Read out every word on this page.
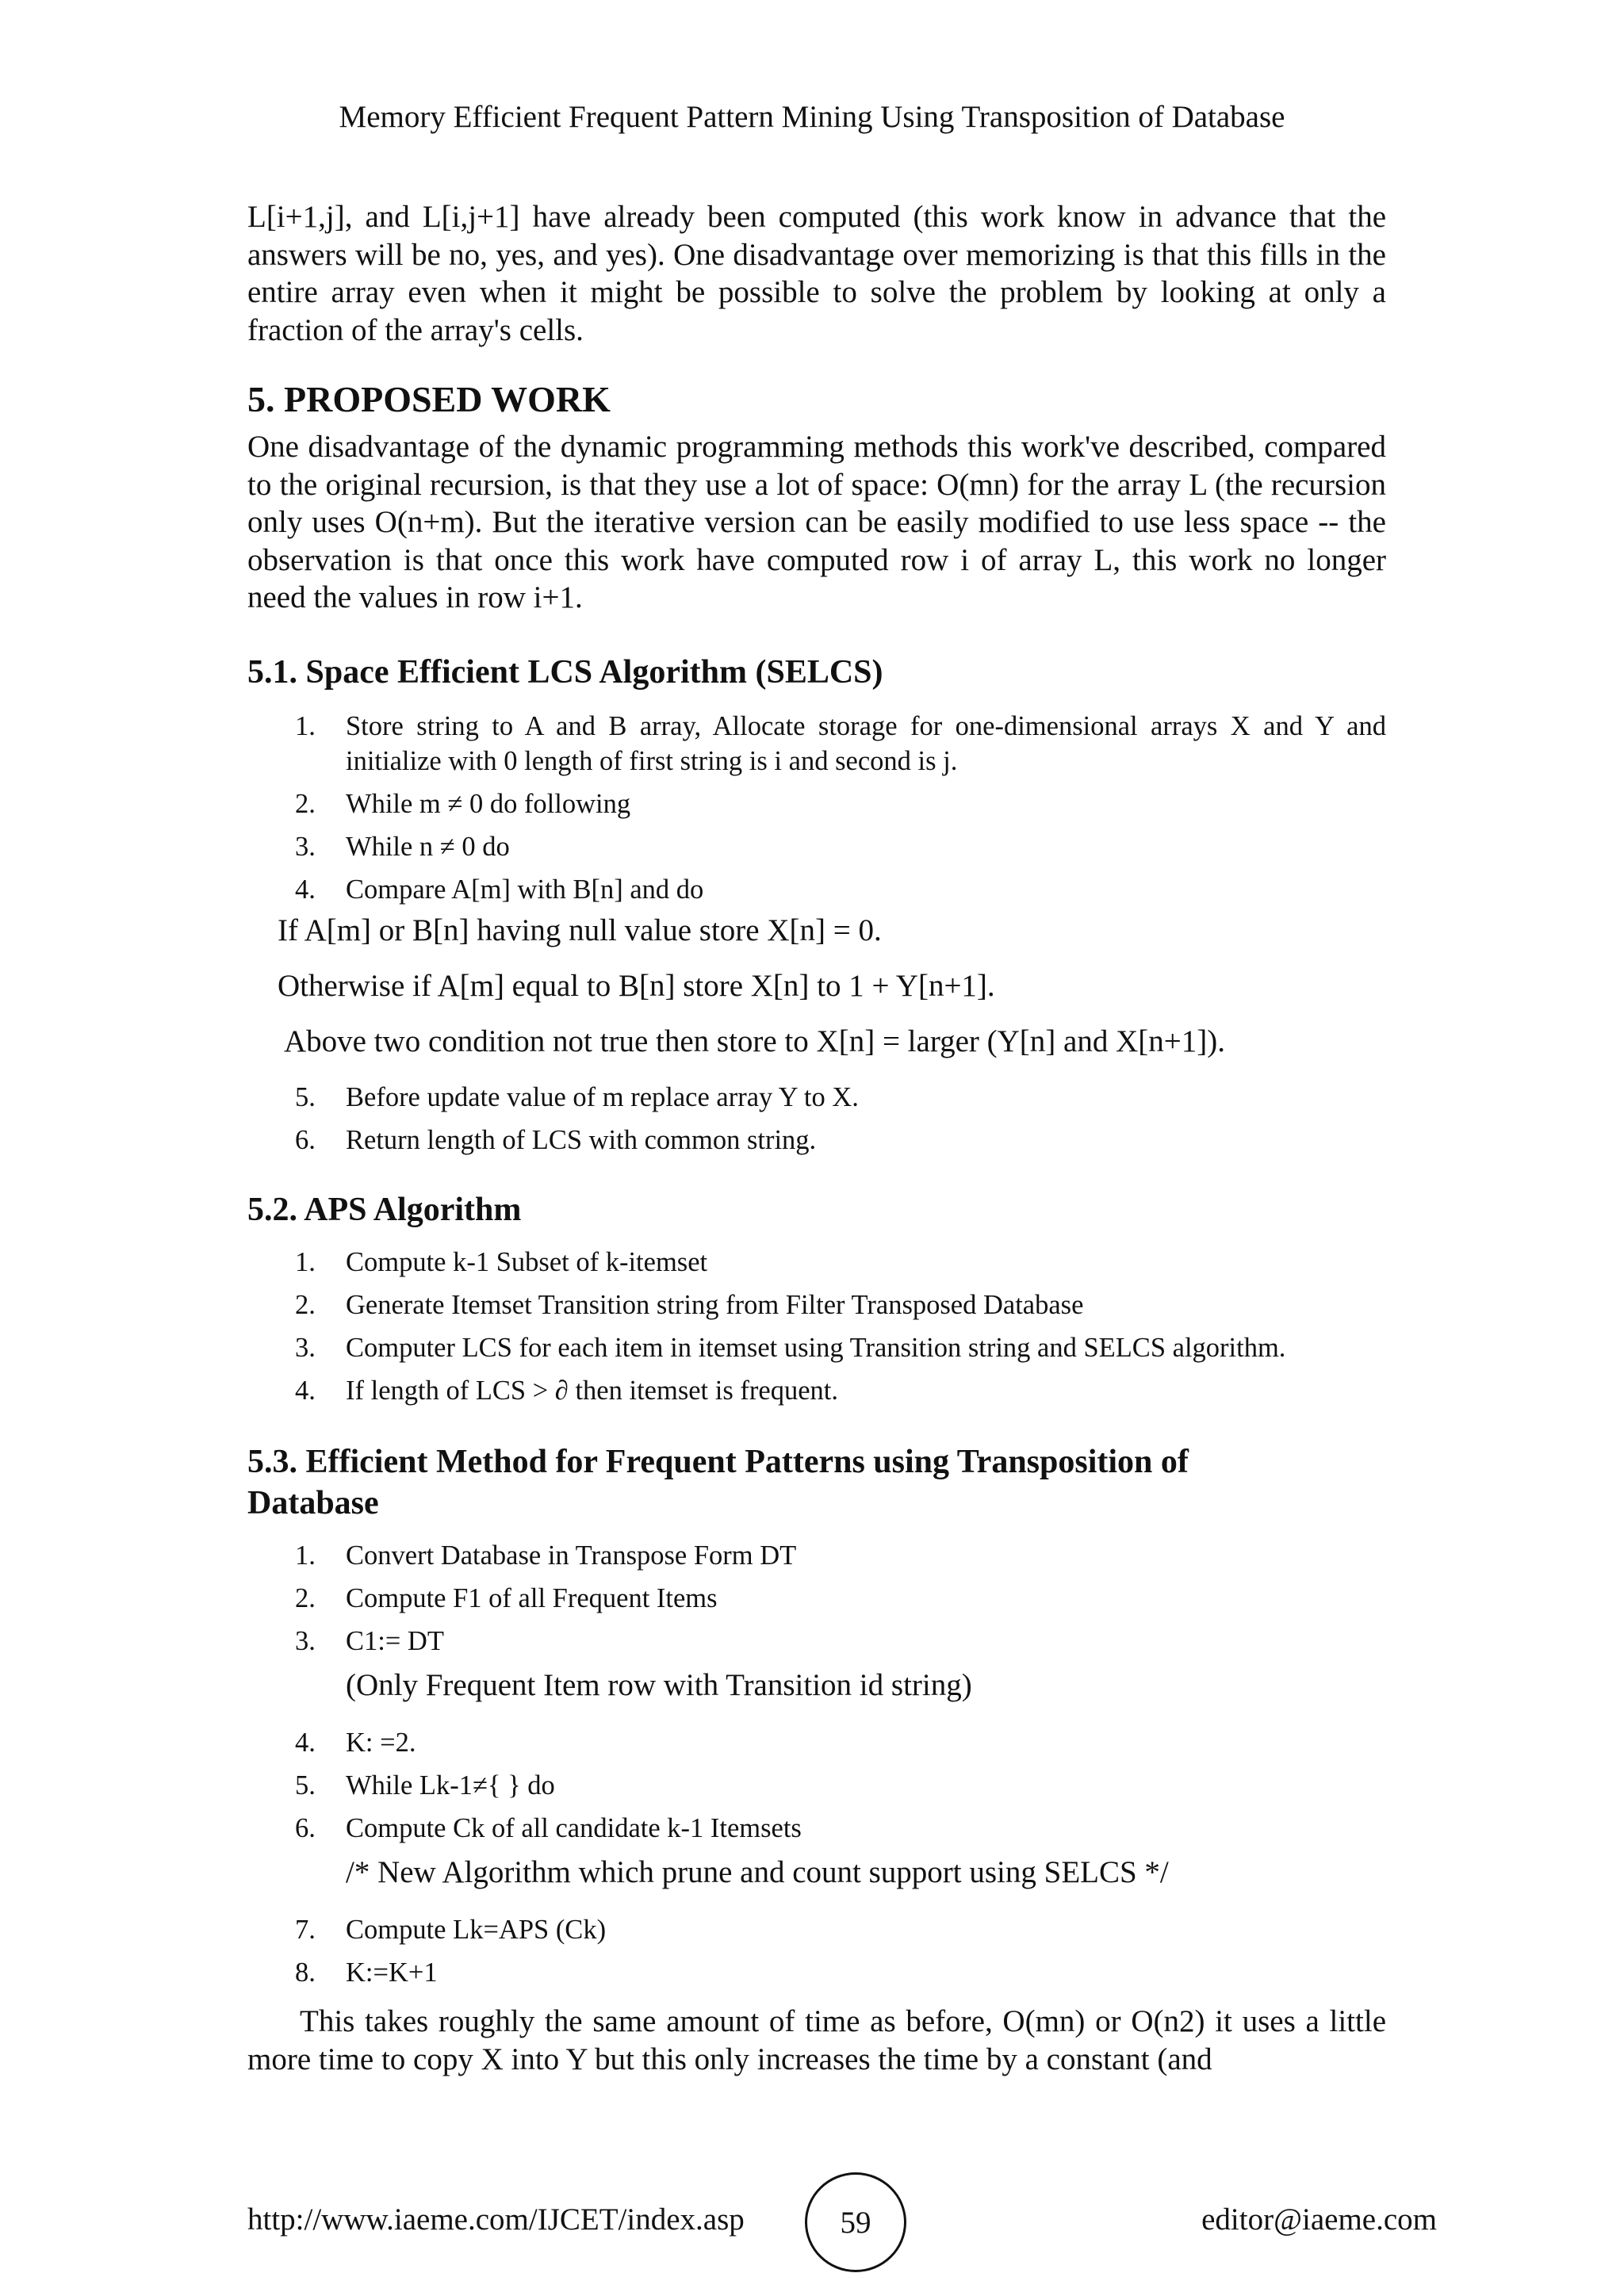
Memory Efficient Frequent Pattern Mining Using Transposition of Database

L[i+1,j], and L[i,j+1] have already been computed (this work know in advance that the answers will be no, yes, and yes). One disadvantage over memorizing is that this fills in the entire array even when it might be possible to solve the problem by looking at only a fraction of the array's cells.

5. PROPOSED WORK

One disadvantage of the dynamic programming methods this work've described, compared to the original recursion, is that they use a lot of space: O(mn) for the array L (the recursion only uses O(n+m). But the iterative version can be easily modified to use less space -- the observation is that once this work have computed row i of array L, this work no longer need the values in row i+1.

5.1. Space Efficient LCS Algorithm (SELCS)
1.	Store string to A and B array, Allocate storage for one-dimensional arrays X and Y and initialize with 0 length of first string is i and second is j.
2.	While m ≠ 0 do following
3.	While n ≠ 0 do
4.	Compare A[m] with B[n] and do
If A[m] or B[n] having null value store X[n] = 0.
Otherwise if A[m] equal to B[n] store X[n] to 1 + Y[n+1].
Above two condition not true then store to X[n] = larger (Y[n] and X[n+1]).
5.	Before update value of m replace array Y to X.
6.	Return length of LCS with common string.
5.2. APS Algorithm
1.	Compute k-1 Subset of k-itemset
2.	Generate Itemset Transition string from Filter Transposed Database
3.	Computer LCS for each item in itemset using Transition string and SELCS algorithm.
4.	If length of LCS > ∂ then itemset is frequent.
5.3. Efficient Method for Frequent Patterns using Transposition of Database
1.	Convert Database in Transpose Form DT
2.	Compute F1 of all Frequent Items
3.	C1:= DT
(Only Frequent Item row with Transition id string)
4.	K: =2.
5.	While Lk-1≠{ } do
6.	Compute Ck of all candidate k-1 Itemsets
/* New Algorithm which prune and count support using SELCS */
7.	Compute Lk=APS (Ck)
8.	K:=K+1

This takes roughly the same amount of time as before, O(mn) or O(n2) it uses a little more time to copy X into Y but this only increases the time by a constant (and

http://www.iaeme.com/IJCET/index.asp	59	editor@iaeme.com
